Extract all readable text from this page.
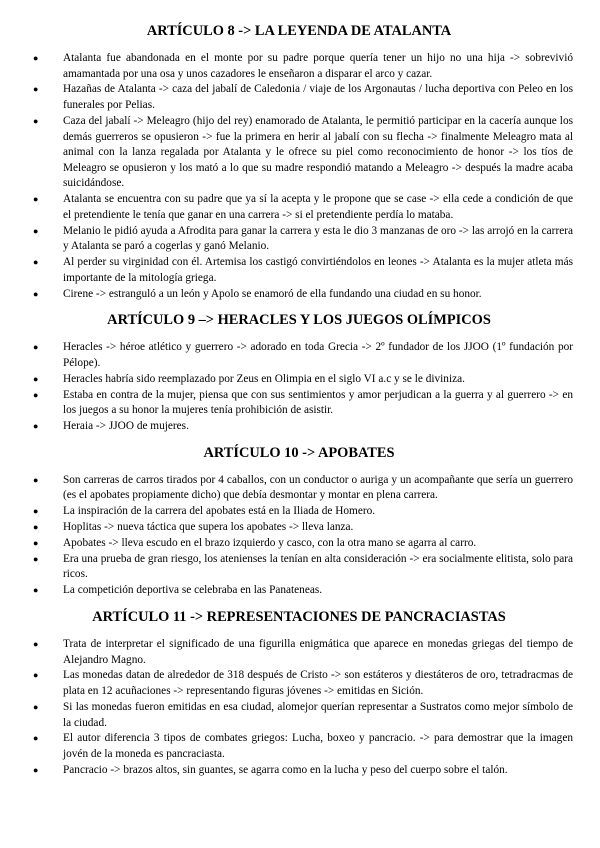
ARTÍCULO 8 -> LA LEYENDA DE ATALANTA
● Atalanta fue abandonada en el monte por su padre porque quería tener un hijo no una hija -> sobrevivió amamantada por una osa y unos cazadores le enseñaron a disparar el arco y cazar.
● Hazañas de Atalanta -> caza del jabalí de Caledonia / viaje de los Argonautas / lucha deportiva con Peleo en los funerales por Pelias.
● Caza del jabalí -> Meleagro (hijo del rey) enamorado de Atalanta, le permitió participar en la cacería aunque los demás guerreros se opusieron -> fue la primera en herir al jabalí con su flecha -> finalmente Meleagro mata al animal con la lanza regalada por Atalanta y le ofrece su piel como reconocimiento de honor -> los tíos de Meleagro se opusieron y los mató a lo que su madre respondió matando a Meleagro -> después la madre acaba suicidándose.
● Atalanta se encuentra con su padre que ya sí la acepta y le propone que se case -> ella cede a condición de que el pretendiente le tenía que ganar en una carrera -> si el pretendiente perdía lo mataba.
● Melanio le pidió ayuda a Afrodita para ganar la carrera y esta le dio 3 manzanas de oro -> las arrojó en la carrera y Atalanta se paró a cogerlas y ganó Melanio.
● Al perder su virginidad con él. Artemisa los castigó convirtiéndolos en leones -> Atalanta es la mujer atleta más importante de la mitología griega.
● Cirene -> estranguló a un león y Apolo se enamoró de ella fundando una ciudad en su honor.
ARTÍCULO 9 –> HERACLES Y LOS JUEGOS OLÍMPICOS
● Heracles -> héroe atlético y guerrero -> adorado en toda Grecia -> 2º fundador de los JJOO (1º fundación por Pélope).
● Heracles habría sido reemplazado por Zeus en Olimpia en el siglo VI a.c y se le diviniza.
● Estaba en contra de la mujer, piensa que con sus sentimientos y amor perjudican a la guerra y al guerrero -> en los juegos a su honor la mujeres tenía prohibición de asistir.
● Heraia -> JJOO de mujeres.
ARTÍCULO 10 -> APOBATES
● Son carreras de carros tirados por 4 caballos, con un conductor o auriga y un acompañante que sería un guerrero (es el apobates propiamente dicho) que debía desmontar y montar en plena carrera.
● La inspiración de la carrera del apobates está en la Iliada de Homero.
● Hoplitas -> nueva táctica que supera los apobates -> lleva lanza.
● Apobates -> lleva escudo en el brazo izquierdo y casco, con la otra mano se agarra al carro.
● Era una prueba de gran riesgo, los atenienses la tenían en alta consideración -> era socialmente elitista, solo para ricos.
● La competición deportiva se celebraba en las Panateneas.
ARTÍCULO 11 -> REPRESENTACIONES DE PANCRACIASTAS
● Trata de interpretar el significado de una figurilla enigmática que aparece en monedas griegas del tiempo de Alejandro Magno.
● Las monedas datan de alrededor de 318 después de Cristo -> son estáteros y diestáteros de oro, tetradracmas de plata en 12 acuñaciones -> representando figuras jóvenes -> emitidas en Sición.
● Si las monedas fueron emitidas en esa ciudad, alomejor querían representar a Sustratos como mejor símbolo de la ciudad.
● El autor diferencia 3 tipos de combates griegos: Lucha, boxeo y pancracio. -> para demostrar que la imagen jovén de la moneda es pancraciasta.
● Pancracio -> brazos altos, sin guantes, se agarra como en la lucha y peso del cuerpo sobre el talón.
